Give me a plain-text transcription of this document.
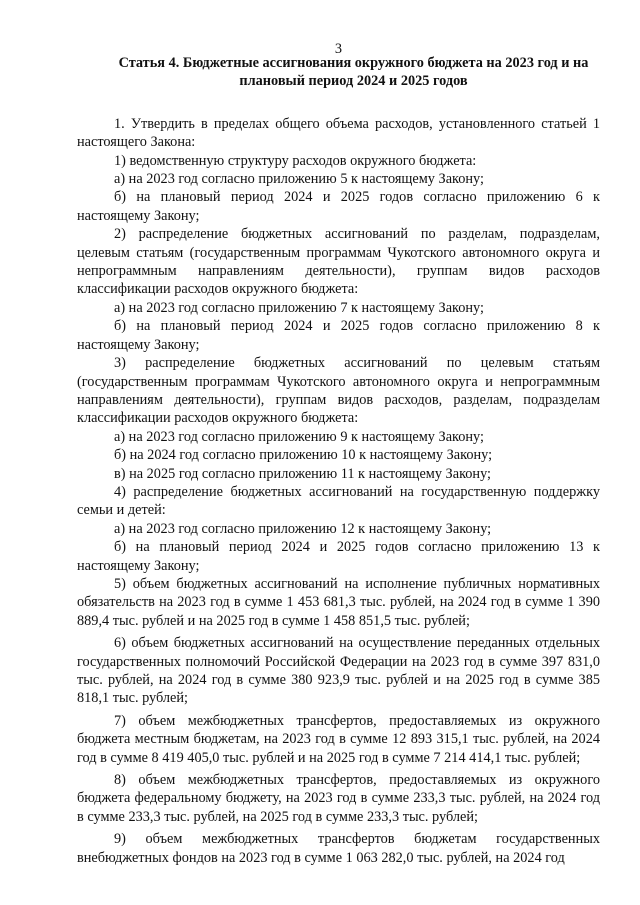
3

Статья 4. Бюджетные ассигнования окружного бюджета на 2023 год и на плановый период 2024 и 2025 годов

1. Утвердить в пределах общего объема расходов, установленного статьей 1 настоящего Закона:

1) ведомственную структуру расходов окружного бюджета:

а) на 2023 год согласно приложению 5 к настоящему Закону;

б) на плановый период 2024 и 2025 годов согласно приложению 6 к настоящему Закону;

2) распределение бюджетных ассигнований по разделам, подразделам, целевым статьям (государственным программам Чукотского автономного округа и непрограммным направлениям деятельности), группам видов расходов классификации расходов окружного бюджета:

а) на 2023 год согласно приложению 7 к настоящему Закону;

б) на плановый период 2024 и 2025 годов согласно приложению 8 к настоящему Закону;

3) распределение бюджетных ассигнований по целевым статьям (государственным программам Чукотского автономного округа и непрограммным направлениям деятельности), группам видов расходов, разделам, подразделам классификации расходов окружного бюджета:

а) на 2023 год согласно приложению 9 к настоящему Закону;

б) на 2024 год согласно приложению 10 к настоящему Закону;

в) на 2025 год согласно приложению 11 к настоящему Закону;

4) распределение бюджетных ассигнований на государственную поддержку семьи и детей:

а) на 2023 год согласно приложению 12 к настоящему Закону;

б) на плановый период 2024 и 2025 годов согласно приложению 13 к настоящему Закону;

5) объем бюджетных ассигнований на исполнение публичных нормативных обязательств на 2023 год в сумме 1 453 681,3 тыс. рублей, на 2024 год в сумме 1 390 889,4 тыс. рублей и на 2025 год в сумме 1 458 851,5 тыс. рублей;

6) объем бюджетных ассигнований на осуществление переданных отдельных государственных полномочий Российской Федерации на 2023 год в сумме 397 831,0 тыс. рублей, на 2024 год в сумме 380 923,9 тыс. рублей и на 2025 год в сумме 385 818,1 тыс. рублей;

7) объем межбюджетных трансфертов, предоставляемых из окружного бюджета местным бюджетам, на 2023 год в сумме 12 893 315,1 тыс. рублей, на 2024 год в сумме 8 419 405,0 тыс. рублей и на 2025 год в сумме 7 214 414,1 тыс. рублей;

8) объем межбюджетных трансфертов, предоставляемых из окружного бюджета федеральному бюджету, на 2023 год в сумме 233,3 тыс. рублей, на 2024 год в сумме 233,3 тыс. рублей, на 2025 год в сумме 233,3 тыс. рублей;

9) объем межбюджетных трансфертов бюджетам государственных внебюджетных фондов на 2023 год в сумме 1 063 282,0 тыс. рублей, на 2024 год
